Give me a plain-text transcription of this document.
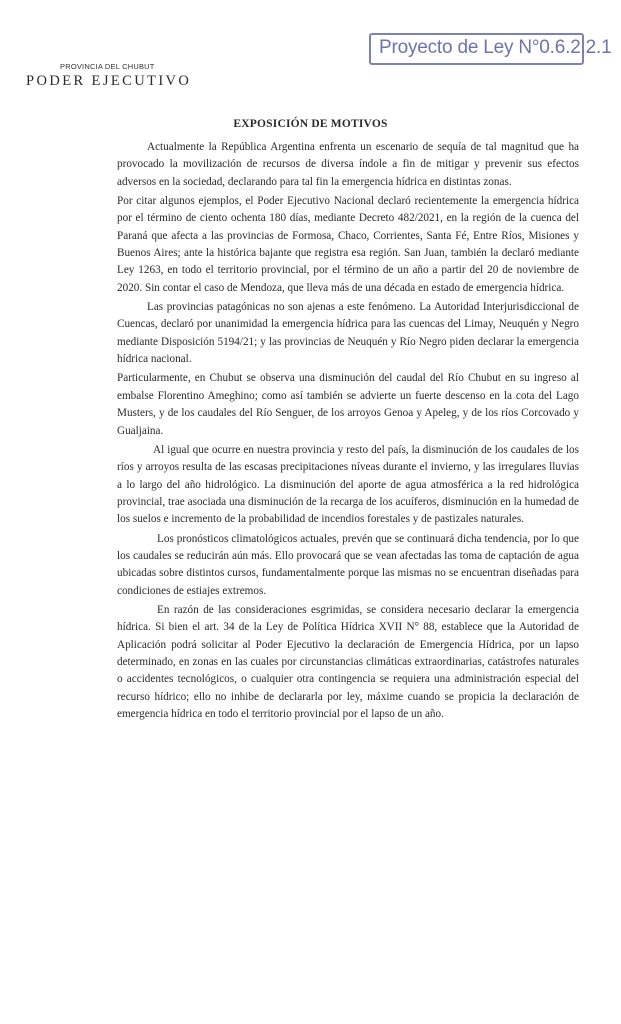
PROVINCIA DEL CHUBUT
PODER EJECUTIVO
Proyecto de Ley N°0.6.2.2.1
EXPOSICIÓN DE MOTIVOS

Actualmente la República Argentina enfrenta un escenario de sequía de tal magnitud que ha provocado la movilización de recursos de diversa índole a fin de mitigar y prevenir sus efectos adversos en la sociedad, declarando para tal fin la emergencia hídrica en distintas zonas.

Por citar algunos ejemplos, el Poder Ejecutivo Nacional declaró recientemente la emergencia hídrica por el término de ciento ochenta 180 días, mediante Decreto 482/2021, en la región de la cuenca del Paraná que afecta a las provincias de Formosa, Chaco, Corrientes, Santa Fé, Entre Ríos, Misiones y Buenos Aires; ante la histórica bajante que registra esa región. San Juan, también la declaró mediante Ley 1263, en todo el territorio provincial, por el término de un año a partir del 20 de noviembre de 2020. Sin contar el caso de Mendoza, que lleva más de una década en estado de emergencia hídrica.

Las provincias patagónicas no son ajenas a este fenómeno. La Autoridad Interjurisdiccional de Cuencas, declaró por unanimidad la emergencia hídrica para las cuencas del Limay, Neuquén y Negro mediante Disposición 5194/21; y las provincias de Neuquén y Río Negro piden declarar la emergencia hídrica nacional.

Particularmente, en Chubut se observa una disminución del caudal del Río Chubut en su ingreso al embalse Florentino Ameghino; como así también se advierte un fuerte descenso en la cota del Lago Musters, y de los caudales del Río Senguer, de los arroyos Genoa y Apeleg, y de los ríos Corcovado y Gualjaina.

Al igual que ocurre en nuestra provincia y resto del país, la disminución de los caudales de los ríos y arroyos resulta de las escasas precipitaciones níveas durante el invierno, y las irregulares lluvias a lo largo del año hidrológico. La disminución del aporte de agua atmosférica a la red hidrológica provincial, trae asociada una disminución de la recarga de los acuíferos, disminución en la humedad de los suelos e incremento de la probabilidad de incendios forestales y de pastizales naturales.

Los pronósticos climatológicos actuales, prevén que se continuará dicha tendencia, por lo que los caudales se reducirán aún más. Ello provocará que se vean afectadas las toma de captación de agua ubicadas sobre distintos cursos, fundamentalmente porque las mismas no se encuentran diseñadas para condiciones de estiajes extremos.

En razón de las consideraciones esgrimidas, se considera necesario declarar la emergencia hídrica. Si bien el art. 34 de la Ley de Política Hídrica XVII N° 88, establece que la Autoridad de Aplicación podrá solicitar al Poder Ejecutivo la declaración de Emergencia Hídrica, por un lapso determinado, en zonas en las cuales por circunstancias climáticas extraordinarias, catástrofes naturales o accidentes tecnológicos, o cualquier otra contingencia se requiera una administración especial del recurso hídrico; ello no inhibe de declararla por ley, máxime cuando se propicia la declaración de emergencia hídrica en todo el territorio provincial por el lapso de un año.
